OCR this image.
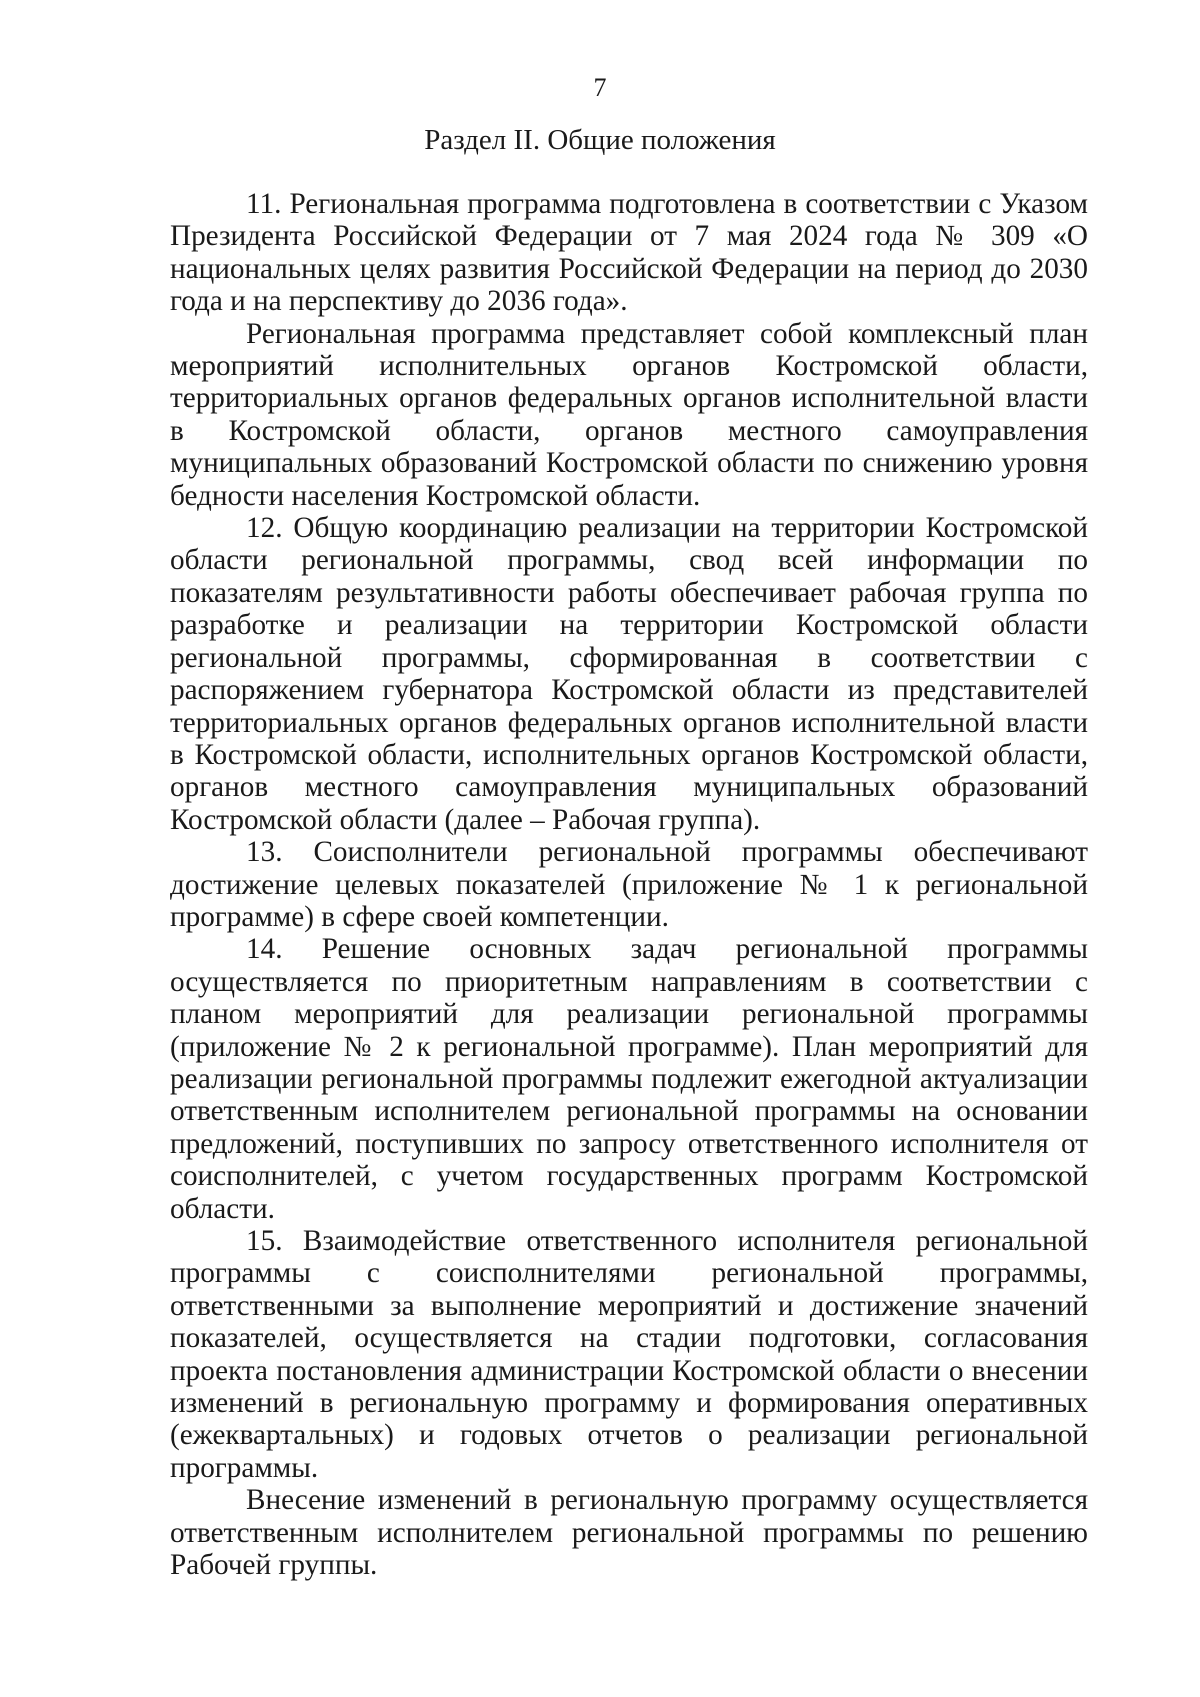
7
Раздел II. Общие положения

11. Региональная программа подготовлена в соответствии с Указом Президента Российской Федерации от 7 мая 2024 года № 309 «О национальных целях развития Российской Федерации на период до 2030 года и на перспективу до 2036 года».

Региональная программа представляет собой комплексный план мероприятий исполнительных органов Костромской области, территориальных органов федеральных органов исполнительной власти в Костромской области, органов местного самоуправления муниципальных образований Костромской области по снижению уровня бедности населения Костромской области.

12. Общую координацию реализации на территории Костромской области региональной программы, свод всей информации по показателям результативности работы обеспечивает рабочая группа по разработке и реализации на территории Костромской области региональной программы, сформированная в соответствии с распоряжением губернатора Костромской области из представителей территориальных органов федеральных органов исполнительной власти в Костромской области, исполнительных органов Костромской области, органов местного самоуправления муниципальных образований Костромской области (далее – Рабочая группа).

13. Соисполнители региональной программы обеспечивают достижение целевых показателей (приложение № 1 к региональной программе) в сфере своей компетенции.

14. Решение основных задач региональной программы осуществляется по приоритетным направлениям в соответствии с планом мероприятий для реализации региональной программы (приложение № 2 к региональной программе). План мероприятий для реализации региональной программы подлежит ежегодной актуализации ответственным исполнителем региональной программы на основании предложений, поступивших по запросу ответственного исполнителя от соисполнителей, с учетом государственных программ Костромской области.

15. Взаимодействие ответственного исполнителя региональной программы с соисполнителями региональной программы, ответственными за выполнение мероприятий и достижение значений показателей, осуществляется на стадии подготовки, согласования проекта постановления администрации Костромской области о внесении изменений в региональную программу и формирования оперативных (ежеквартальных) и годовых отчетов о реализации региональной программы.

Внесение изменений в региональную программу осуществляется ответственным исполнителем региональной программы по решению Рабочей группы.
